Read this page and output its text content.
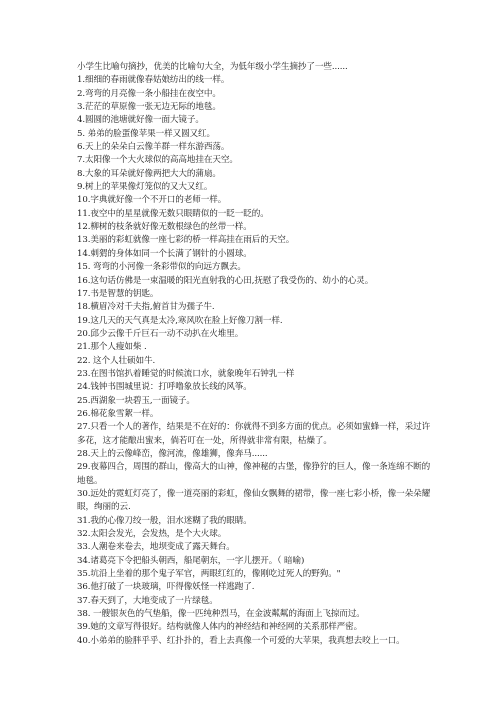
小学生比喻句摘抄，优美的比喻句大全，为低年级小学生摘抄了一些......
1.细细的春雨就像春姑娘纺出的线一样。
2.弯弯的月亮像一条小船挂在夜空中。
3.茫茫的草原像一张无边无际的地毯。
4.圆圆的池塘就好像一面大镜子。
5. 弟弟的脸蛋像苹果一样又圆又红。
6.天上的朵朵白云像羊群一样东游西荡。
7.太阳像一个大火球似的高高地挂在天空。
8.大象的耳朵就好像两把大大的蒲扇。
9.树上的苹果像灯笼似的又大又红。
10.字典就好像一个不开口的老师一样。
11.夜空中的星星就像无数只眼睛似的一眨一眨的。
12.柳树的枝条就好像无数根绿色的丝带一样。
13.美丽的彩虹就像一座七彩的桥一样高挂在雨后的天空。
14.刺猬的身体如同一个长满了钢针的小圆球。
15. 弯弯的小河像一条彩带似的向远方飘去。
16.这句话仿佛是一束温暖的阳光直射我的心田,抚慰了我受伤的、幼小的心灵。
17.书是智慧的钥匙。
18.横眉冷对千夫指,俯首甘为孺子牛.
19.这几天的天气真是太冷,寒风吹在脸上好像刀割一样.
20.邱少云像千斤巨石一动不动扒在火堆里。
21.那个人瘦如柴 .
22. 这个人壮硕如牛.
23.在图书馆扒着睡觉的时候流口水，就象晚年石钟乳一样
24.钱钟书围城里说：打呼噜象放长线的风筝。
25.西湖象一块碧玉,一面镜子。
26.棉花象雪絮一样。
27.只看一个人的著作，结果是不在好的：你就得不到多方面的优点。必须如蜜蜂一样，采过许多花，这才能酿出蜜来，倘若叮在一处，所得就非常有限，枯燥了。
28.天上的云像峰峦，像河流，像雄狮，像奔马......
29.夜幕四合，周围的群山，像高大的山神，像神秘的古堡，像狰狞的巨人，像一条连绵不断的地毯。
30.远处的霓虹灯亮了，像一道亮丽的彩虹，像仙女飘舞的裙带，像一座七彩小桥，像一朵朵耀眼，绚丽的云.
31.我的心像刀绞一般，泪水迷糊了我的眼睛。
32.太阳会发光，会发热，是个大火球。
33.人潮卷来卷去，地坝变成了露天舞台。
34.诸葛亮下令把船头朝西，船尾朝东，一字儿摆开。（ 暗喻)
35.坑沿上坐着的那个鬼子军官，两眼红红的，像刚吃过死人的野狗。"
36.他打破了一块玻璃，吓得像妖怪一样逃跑了.
37.春天到了，大地变成了一片绿毯。
38. 一艘银灰色的气垫船，像一匹纯种烈马，在金波粼粼的海面上飞掠而过。
39.她的文章写得很好。结构就像人体内的神经结和神经网的关系那样严密。
40.小弟弟的脸胖乎乎、红扑扑的，看上去真像一个可爱的大苹果，我真想去咬上一口。
